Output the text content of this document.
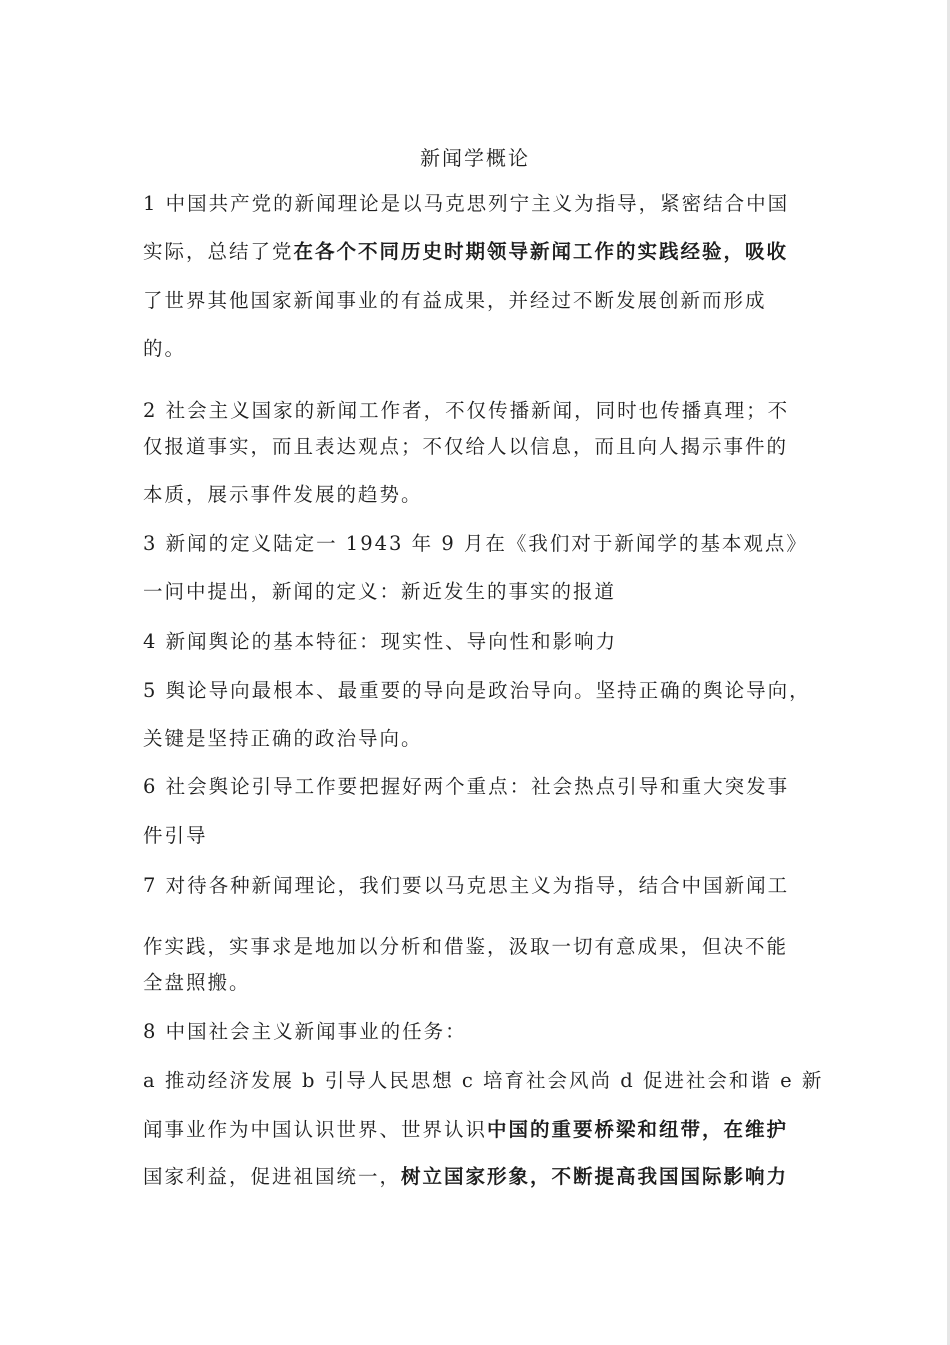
新闻学概论
1 中国共产党的新闻理论是以马克思列宁主义为指导，紧密结合中国
实际，总结了党在各个不同历史时期领导新闻工作的实践经验，吸收
了世界其他国家新闻事业的有益成果，并经过不断发展创新而形成
的。
2 社会主义国家的新闻工作者，不仅传播新闻，同时也传播真理；不
仅报道事实，而且表达观点；不仅给人以信息，而且向人揭示事件的
本质，展示事件发展的趋势。
3 新闻的定义陆定一 1943 年 9 月在《我们对于新闻学的基本观点》
一问中提出，新闻的定义：新近发生的事实的报道
4 新闻舆论的基本特征：现实性、导向性和影响力
5 舆论导向最根本、最重要的导向是政治导向。坚持正确的舆论导向，
关键是坚持正确的政治导向。
6 社会舆论引导工作要把握好两个重点：社会热点引导和重大突发事
件引导
7 对待各种新闻理论，我们要以马克思主义为指导，结合中国新闻工
作实践，实事求是地加以分析和借鉴，汲取一切有意成果，但决不能
全盘照搬。
8 中国社会主义新闻事业的任务：
a 推动经济发展 b 引导人民思想 c 培育社会风尚 d 促进社会和谐 e 新
闻事业作为中国认识世界、世界认识中国的重要桥梁和纽带，在维护
国家利益，促进祖国统一，树立国家形象，不断提高我国国际影响力
